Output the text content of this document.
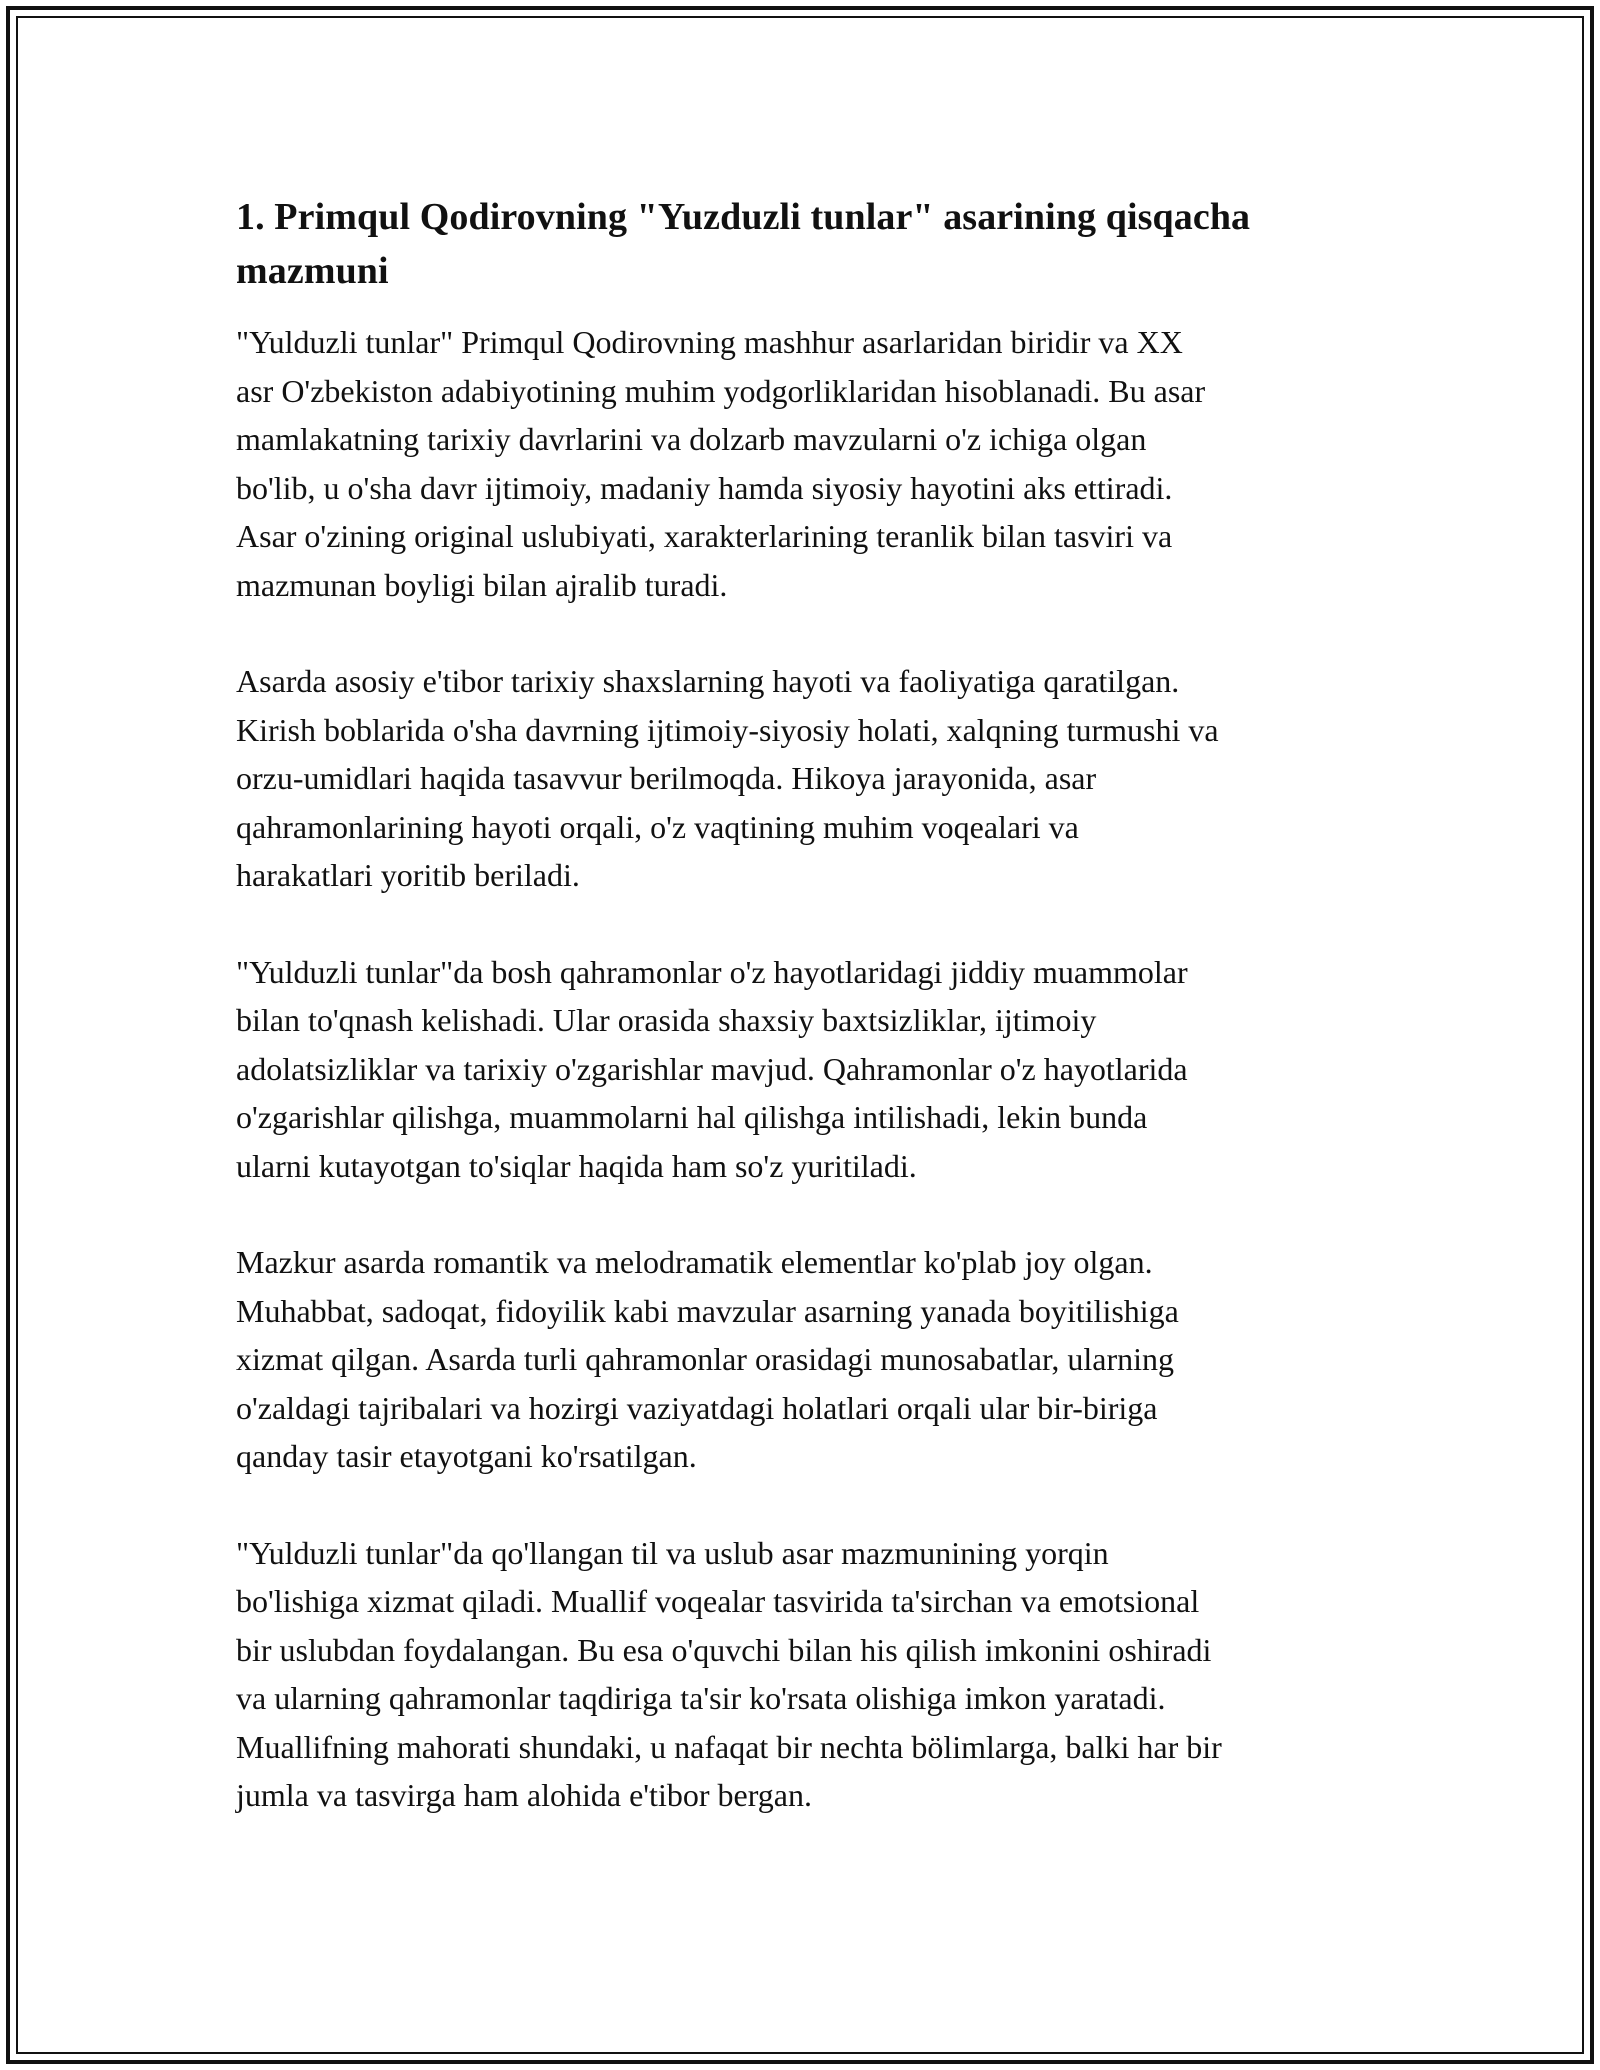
1. Primqul Qodirovning "Yuzduzli tunlar" asarining qisqacha
mazmuni
"Yulduzli tunlar" Primqul Qodirovning mashhur asarlaridan biridir va XX
asr O'zbekiston adabiyotining muhim yodgorliklaridan hisoblanadi. Bu asar
mamlakatning tarixiy davrlarini va dolzarb mavzularni o'z ichiga olgan
bo'lib, u o'sha davr ijtimoiy, madaniy hamda siyosiy hayotini aks ettiradi.
Asar o'zining original uslubiyati, xarakterlarining teranlik bilan tasviri va
mazmunan boyligi bilan ajralib turadi.
Asarda asosiy e'tibor tarixiy shaxslarning hayoti va faoliyatiga qaratilgan.
Kirish boblarida o'sha davrning ijtimoiy-siyosiy holati, xalqning turmushi va
orzu-umidlari haqida tasavvur berilmoqda. Hikoya jarayonida, asar
qahramonlarining hayoti orqali, o'z vaqtining muhim voqealari va
harakatlari yoritib beriladi.
"Yulduzli tunlar"da bosh qahramonlar o'z hayotlaridagi jiddiy muammolar
bilan to'qnash kelishadi. Ular orasida shaxsiy baxtsizliklar, ijtimoiy
adolatsizliklar va tarixiy o'zgarishlar mavjud. Qahramonlar o'z hayotlarida
o'zgarishlar qilishga, muammolarni hal qilishga intilishadi, lekin bunda
ularni kutayotgan to'siqlar haqida ham so'z yuritiladi.
Mazkur asarda romantik va melodramatik elementlar ko'plab joy olgan.
Muhabbat, sadoqat, fidoyilik kabi mavzular asarning yanada boyitilishiga
xizmat qilgan. Asarda turli qahramonlar orasidagi munosabatlar, ularning
o'zaldagi tajribalari va hozirgi vaziyatdagi holatlari orqali ular bir-biriga
qanday tasir etayotgani ko'rsatilgan.
"Yulduzli tunlar"da qo'llangan til va uslub asar mazmunining yorqin
bo'lishiga xizmat qiladi. Muallif voqealar tasvirida ta'sirchan va emotsional
bir uslubdan foydalangan. Bu esa o'quvchi bilan his qilish imkonini oshiradi
va ularning qahramonlar taqdiriga ta'sir ko'rsata olishiga imkon yaratadi.
Muallifning mahorati shundaki, u nafaqat bir nechta bölimlarga, balki har bir
jumla va tasvirga ham alohida e'tibor bergan.
